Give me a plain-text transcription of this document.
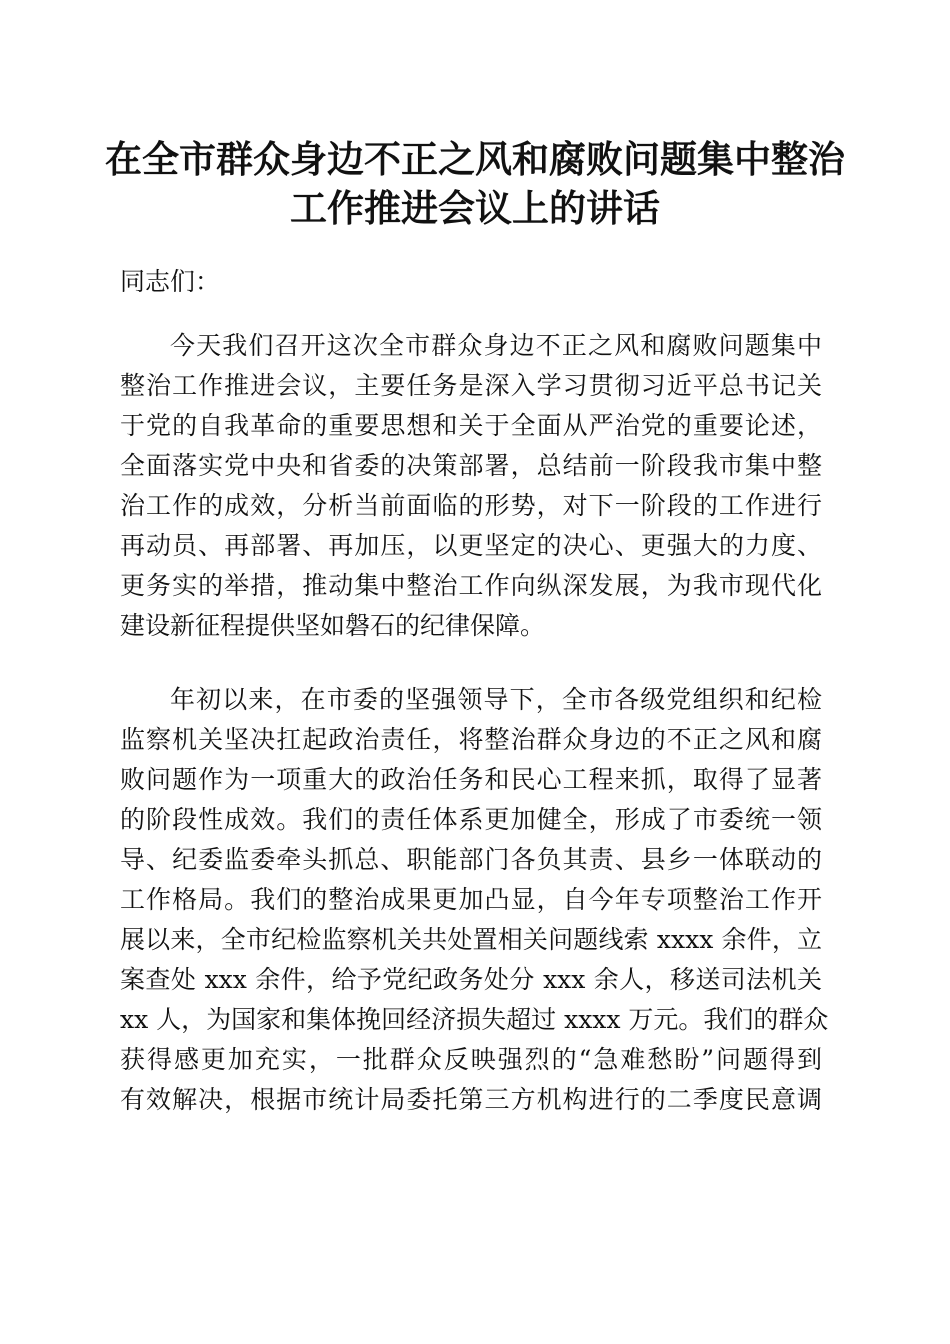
在全市群众身边不正之风和腐败问题集中整治
工作推进会议上的讲话
同志们：
今天我们召开这次全市群众身边不正之风和腐败问题集中
整治工作推进会议，主要任务是深入学习贯彻习近平总书记关
于党的自我革命的重要思想和关于全面从严治党的重要论述，
全面落实党中央和省委的决策部署，总结前一阶段我市集中整
治工作的成效，分析当前面临的形势，对下一阶段的工作进行
再动员、再部署、再加压，以更坚定的决心、更强大的力度、
更务实的举措，推动集中整治工作向纵深发展，为我市现代化
建设新征程提供坚如磐石的纪律保障。
年初以来，在市委的坚强领导下，全市各级党组织和纪检
监察机关坚决扛起政治责任，将整治群众身边的不正之风和腐
败问题作为一项重大的政治任务和民心工程来抓，取得了显著
的阶段性成效。我们的责任体系更加健全，形成了市委统一领
导、纪委监委牵头抓总、职能部门各负其责、县乡一体联动的
工作格局。我们的整治成果更加凸显，自今年专项整治工作开
展以来，全市纪检监察机关共处置相关问题线索 xxxx 余件，立
案查处 xxx 余件，给予党纪政务处分 xxx 余人，移送司法机关
xx 人，为国家和集体挽回经济损失超过 xxxx 万元。我们的群众
获得感更加充实，一批群众反映强烈的“急难愁盼”问题得到
有效解决，根据市统计局委托第三方机构进行的二季度民意调
